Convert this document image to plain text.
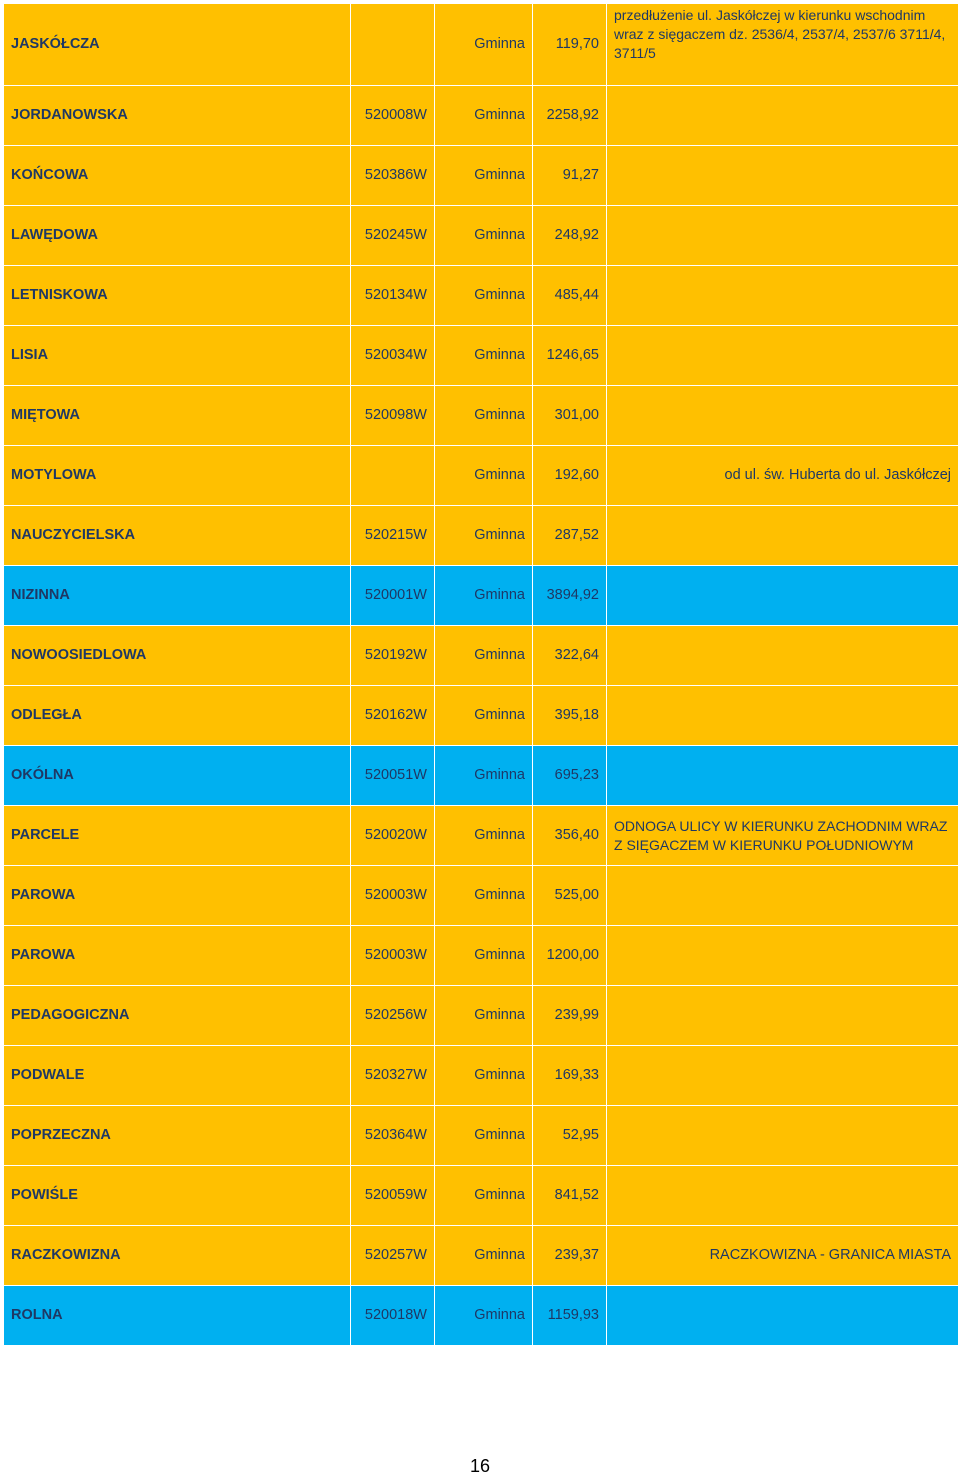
JASKÓŁCZA		Gminna	119,70	przedłużenie ul. Jaskółczej w kierunku wschodnim wraz z sięgaczem dz. 2536/4, 2537/4, 2537/6 3711/4, 3711/5
JORDANOWSKA	520008W	Gminna	2258,92	
KOŃCOWA	520386W	Gminna	91,27	
LAWĘDOWA	520245W	Gminna	248,92	
LETNISKOWA	520134W	Gminna	485,44	
LISIA	520034W	Gminna	1246,65	
MIĘTOWA	520098W	Gminna	301,00	
MOTYLOWA		Gminna	192,60	od ul. św. Huberta do ul. Jaskółczej
NAUCZYCIELSKA	520215W	Gminna	287,52	
NIZINNA	520001W	Gminna	3894,92	
NOWOOSIEDLOWA	520192W	Gminna	322,64	
ODLEGŁA	520162W	Gminna	395,18	
OKÓLNA	520051W	Gminna	695,23	
PARCELE	520020W	Gminna	356,40	ODNOGA ULICY W KIERUNKU ZACHODNIM WRAZ Z SIĘGACZEM W KIERUNKU POŁUDNIOWYM
PAROWA	520003W	Gminna	525,00	
PAROWA	520003W	Gminna	1200,00	
PEDAGOGICZNA	520256W	Gminna	239,99	
PODWALE	520327W	Gminna	169,33	
POPRZECZNA	520364W	Gminna	52,95	
POWIŚLE	520059W	Gminna	841,52	
RACZKOWIZNA	520257W	Gminna	239,37	RACZKOWIZNA - GRANICA MIASTA
ROLNA	520018W	Gminna	1159,93	
16
